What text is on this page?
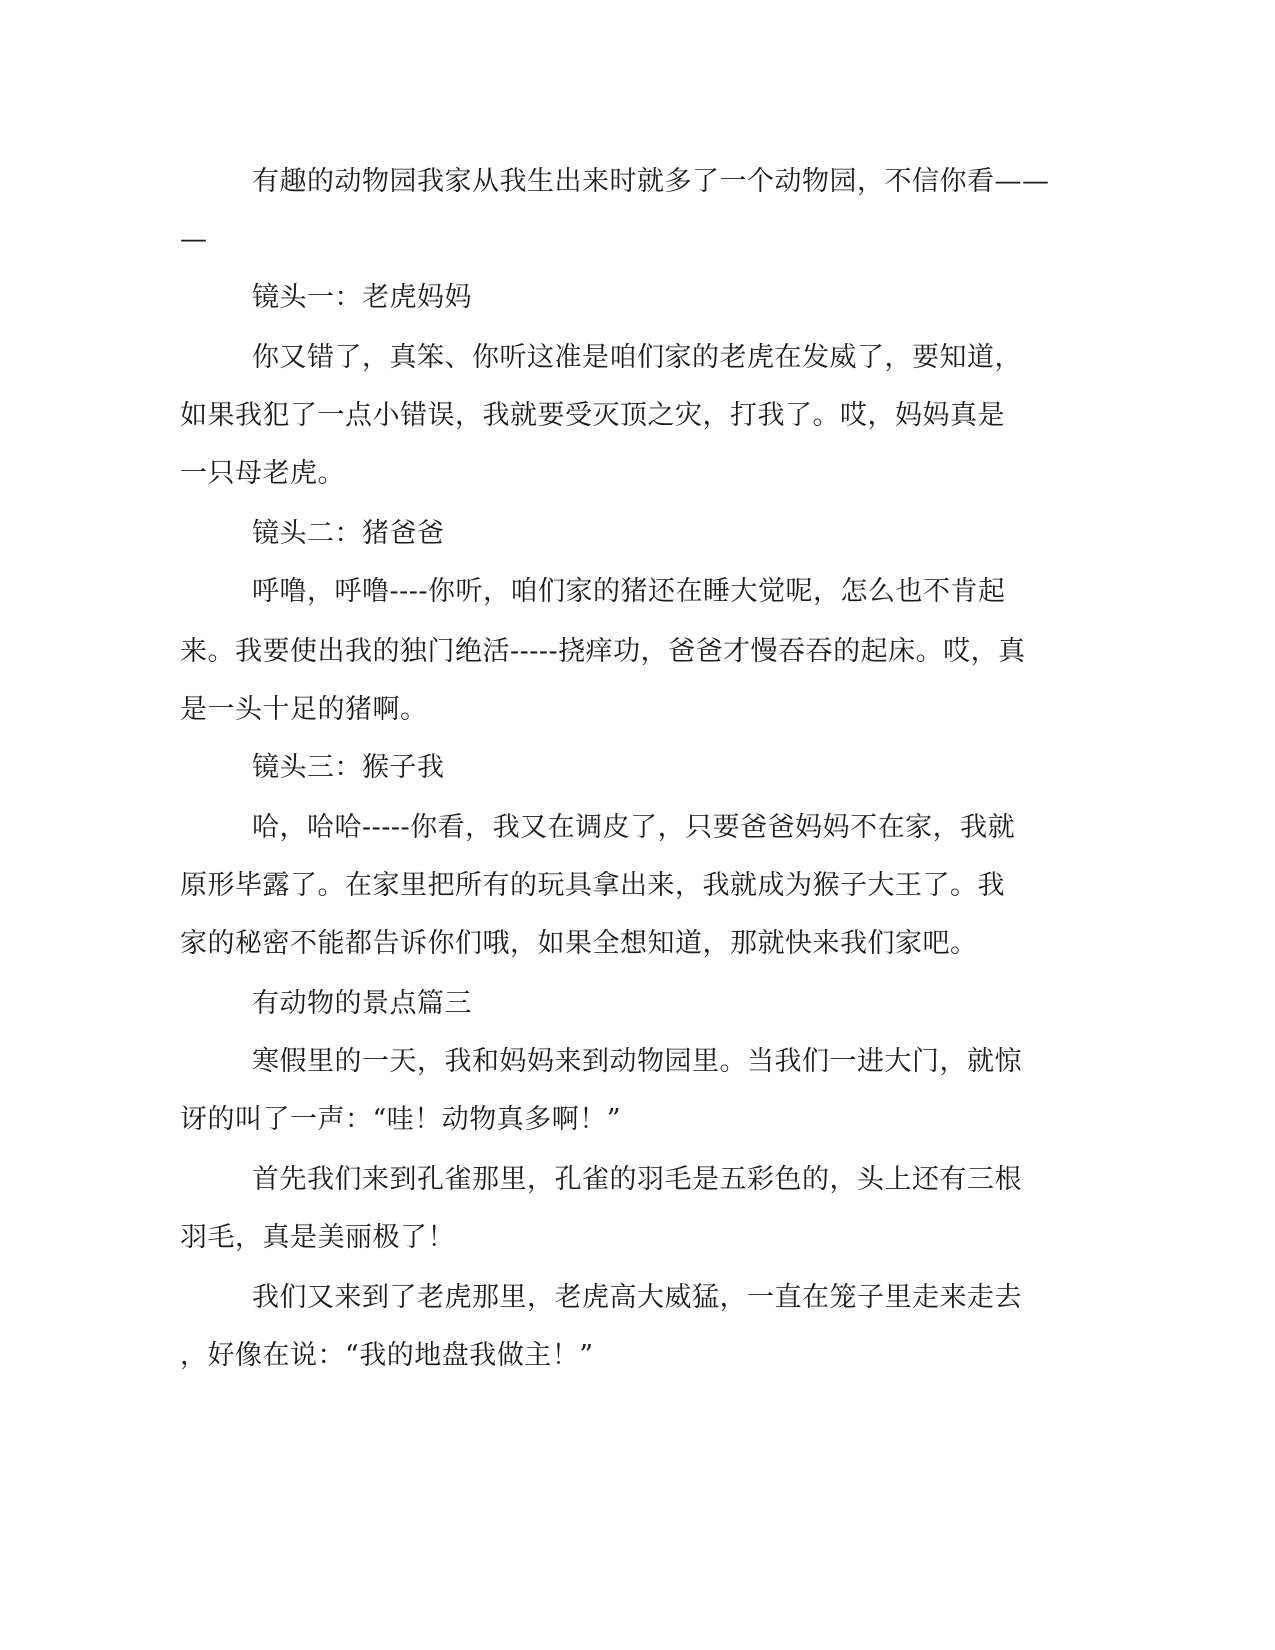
有趣的动物园我家从我生出来时就多了一个动物园，不信你看——
—
镜头一：老虎妈妈
你又错了，真笨、你听这准是咱们家的老虎在发威了，要知道，
如果我犯了一点小错误，我就要受灭顶之灾，打我了。哎，妈妈真是
一只母老虎。
镜头二：猪爸爸
呼噜，呼噜----你听，咱们家的猪还在睡大觉呢，怎么也不肯起
来。我要使出我的独门绝活-----挠痒功，爸爸才慢吞吞的起床。哎，真
是一头十足的猪啊。
镜头三：猴子我
哈，哈哈-----你看，我又在调皮了，只要爸爸妈妈不在家，我就
原形毕露了。在家里把所有的玩具拿出来，我就成为猴子大王了。我
家的秘密不能都告诉你们哦，如果全想知道，那就快来我们家吧。
有动物的景点篇三
寒假里的一天，我和妈妈来到动物园里。当我们一进大门，就惊
讶的叫了一声：“哇！动物真多啊！”
首先我们来到孔雀那里，孔雀的羽毛是五彩色的，头上还有三根
羽毛，真是美丽极了！
我们又来到了老虎那里，老虎高大威猛，一直在笼子里走来走去
，好像在说：“我的地盘我做主！”
